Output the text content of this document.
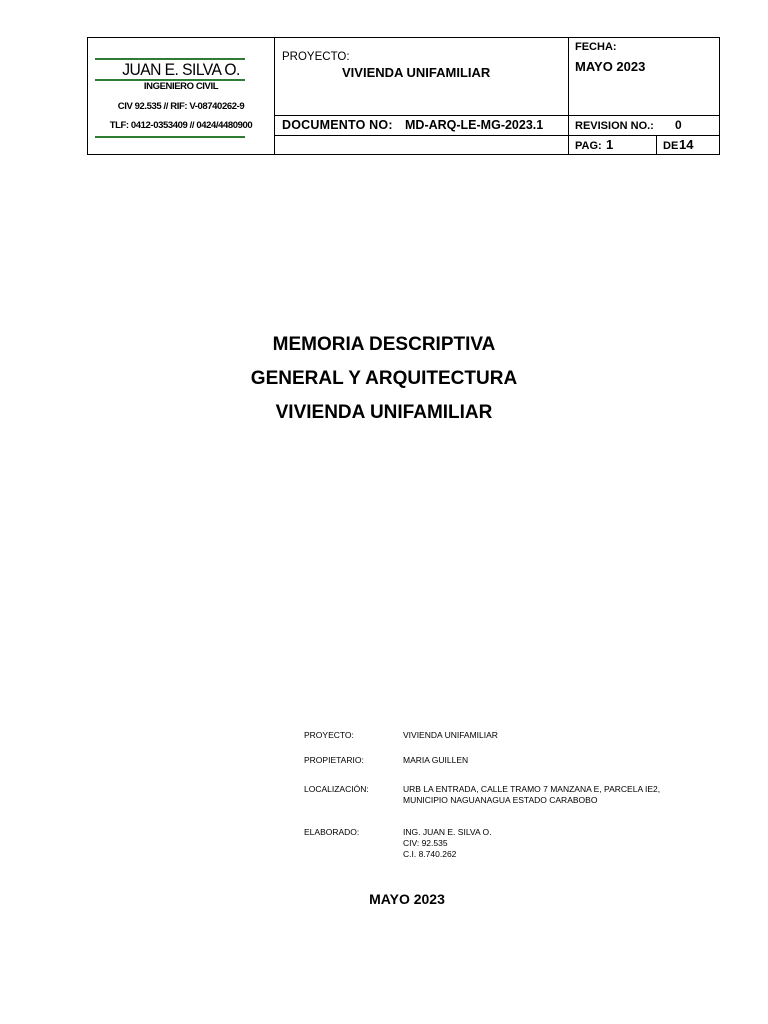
JUAN E. SILVA O.
INGENIERO CIVIL
CIV 92.535 // RIF: V-08740262-9
TLF: 0412-0353409 // 0424/4480900
PROYECTO:
VIVIENDA UNIFAMILIAR
FECHA:
MAYO 2023
DOCUMENTO NO: MD-ARQ-LE-MG-2023.1	REVISION NO.: 0
PAG: 1	DE 14
MEMORIA DESCRIPTIVA
GENERAL Y ARQUITECTURA
VIVIENDA UNIFAMILIAR
PROYECTO:	VIVIENDA UNIFAMILIAR
PROPIETARIO:	MARIA GUILLEN
LOCALIZACIÓN:	URB LA ENTRADA, CALLE TRAMO 7 MANZANA E, PARCELA IE2,
MUNICIPIO NAGUANAGUA ESTADO CARABOBO
ELABORADO:	ING. JUAN E. SILVA O.
CIV: 92.535
C.I. 8.740.262
MAYO 2023
